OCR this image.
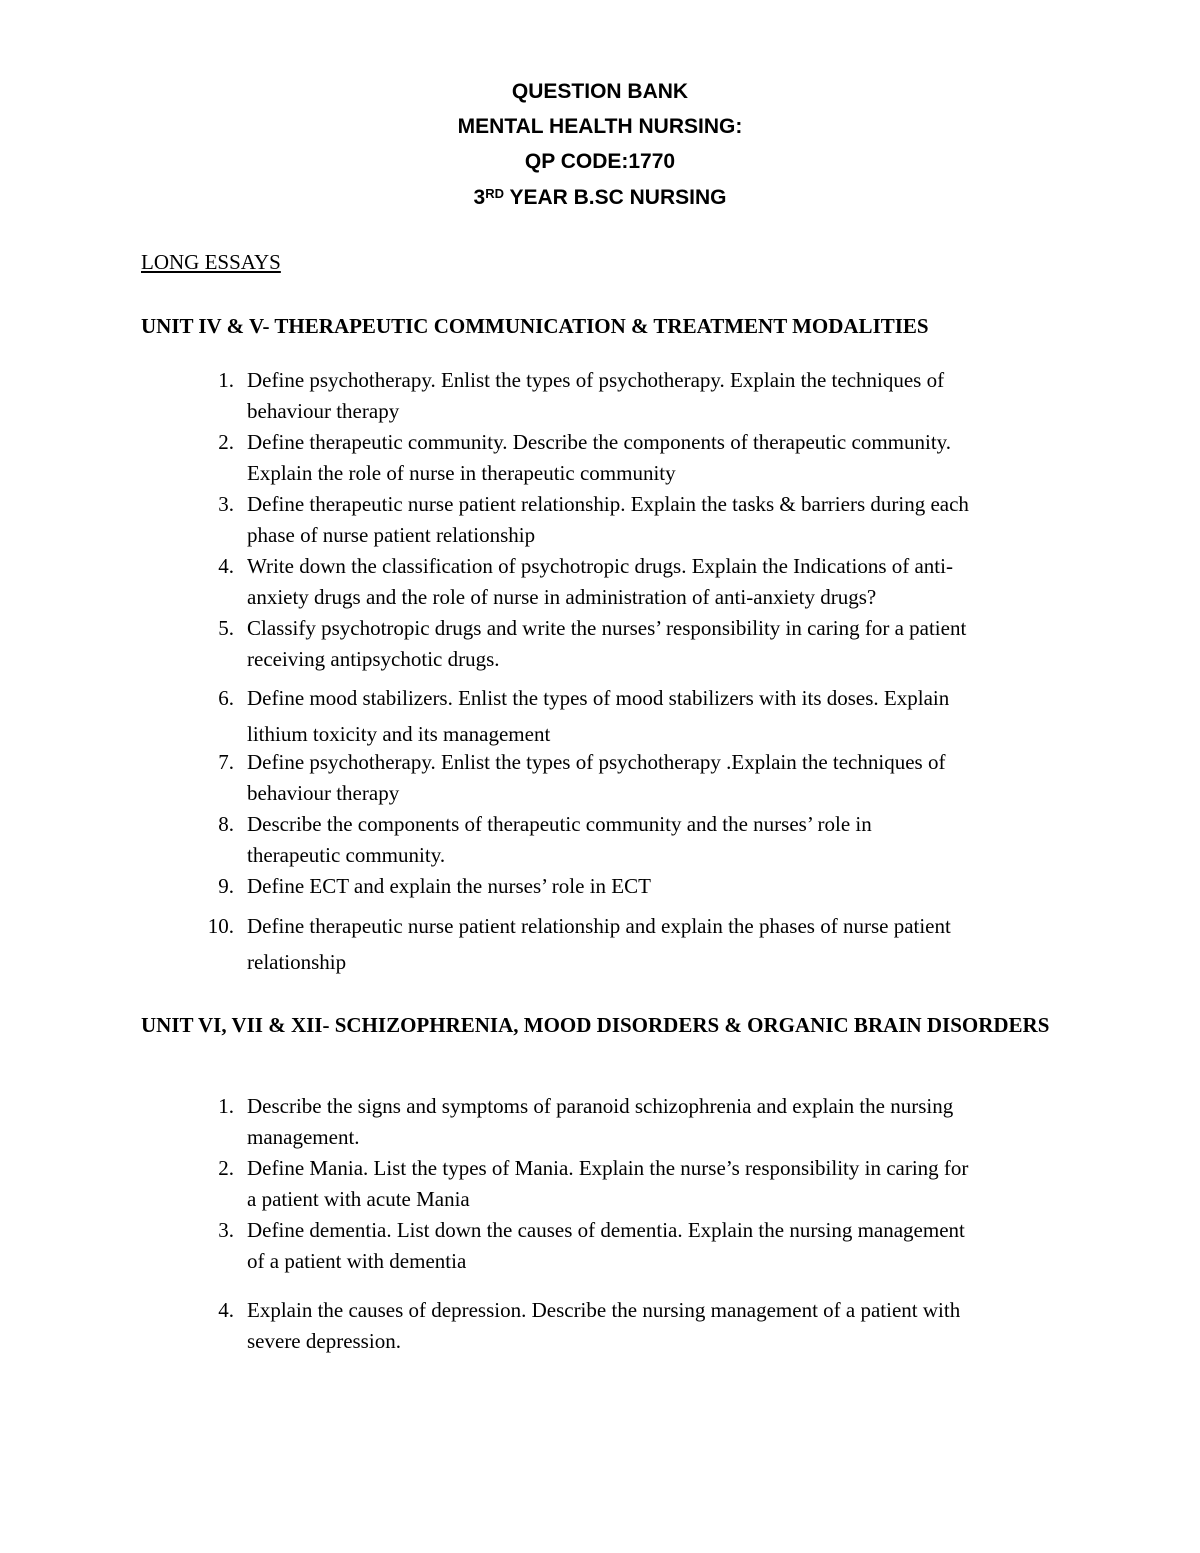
QUESTION BANK
MENTAL HEALTH NURSING:
QP CODE:1770
3RD YEAR B.SC NURSING
LONG ESSAYS
UNIT IV & V- THERAPEUTIC COMMUNICATION & TREATMENT MODALITIES
1. Define psychotherapy. Enlist the types of psychotherapy. Explain the techniques of
behaviour therapy
2. Define therapeutic community. Describe the components of therapeutic community.
Explain the role of nurse in therapeutic community
3. Define therapeutic nurse patient relationship. Explain the tasks & barriers during each
phase of nurse patient relationship
4. Write down the classification of psychotropic drugs. Explain the Indications of anti-
anxiety drugs and the role of nurse in administration of anti-anxiety drugs?
5. Classify psychotropic drugs and write the nurses’ responsibility in caring for a patient
receiving antipsychotic drugs.
6. Define mood stabilizers. Enlist the types of mood stabilizers with its doses. Explain
lithium toxicity and its management
7. Define psychotherapy. Enlist the types of psychotherapy .Explain the techniques of
behaviour therapy
8. Describe the components of therapeutic community and the nurses’ role in
therapeutic community.
9. Define ECT and explain the nurses’ role in ECT
10. Define therapeutic nurse patient relationship and explain the phases of nurse patient
relationship
UNIT VI, VII & XII- SCHIZOPHRENIA, MOOD DISORDERS & ORGANIC BRAIN DISORDERS
1. Describe the signs and symptoms of paranoid schizophrenia and explain the nursing
management.
2. Define Mania. List the types of Mania. Explain the nurse’s responsibility in caring for
a patient with acute Mania
3. Define dementia. List down the causes of dementia. Explain the nursing management
of a patient with dementia
4. Explain the causes of depression. Describe the nursing management of a patient with
severe depression.
